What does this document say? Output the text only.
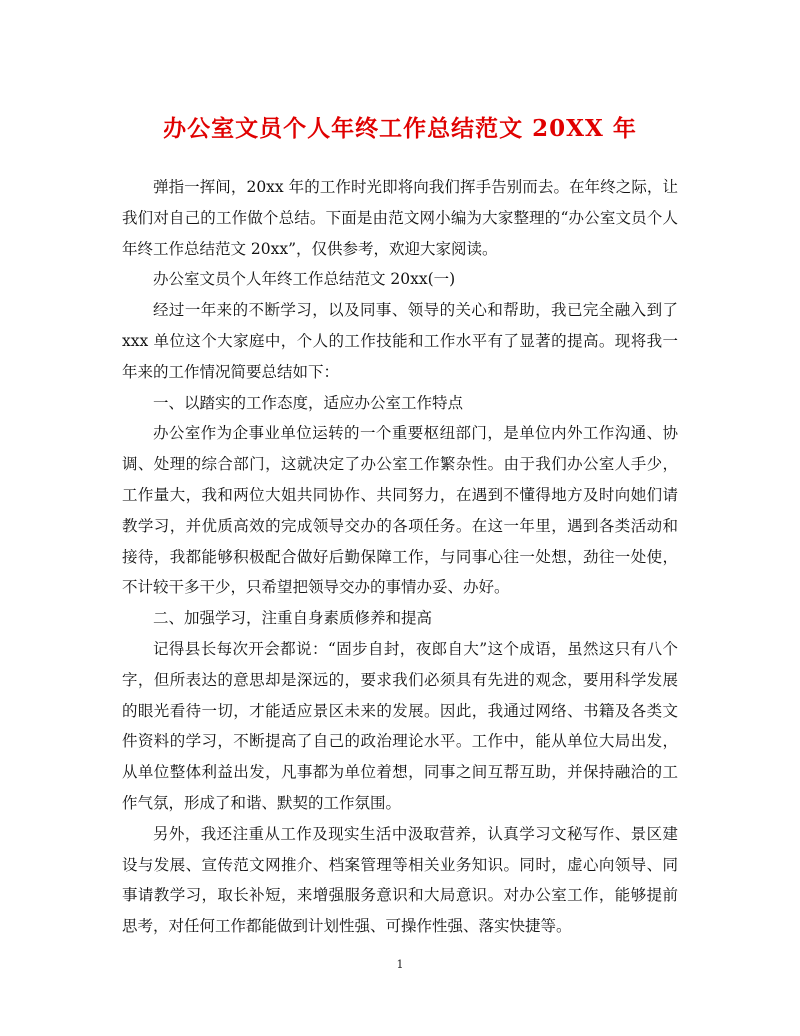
办公室文员个人年终工作总结范文 20XX 年

弹指一挥间，20xx 年的工作时光即将向我们挥手告别而去。在年终之际，让我们对自己的工作做个总结。下面是由范文网小编为大家整理的“办公室文员个人年终工作总结范文 20xx”，仅供参考，欢迎大家阅读。

办公室文员个人年终工作总结范文 20xx(一)

经过一年来的不断学习，以及同事、领导的关心和帮助，我已完全融入到了 xxx 单位这个大家庭中，个人的工作技能和工作水平有了显著的提高。现将我一年来的工作情况简要总结如下：

一、以踏实的工作态度，适应办公室工作特点

办公室作为企事业单位运转的一个重要枢纽部门，是单位内外工作沟通、协调、处理的综合部门，这就决定了办公室工作繁杂性。由于我们办公室人手少，工作量大，我和两位大姐共同协作、共同努力，在遇到不懂得地方及时向她们请教学习，并优质高效的完成领导交办的各项任务。在这一年里，遇到各类活动和接待，我都能够积极配合做好后勤保障工作，与同事心往一处想，劲往一处使，不计较干多干少，只希望把领导交办的事情办妥、办好。

二、加强学习，注重自身素质修养和提高

记得县长每次开会都说：“固步自封，夜郎自大”这个成语，虽然这只有八个字，但所表达的意思却是深远的，要求我们必须具有先进的观念，要用科学发展的眼光看待一切，才能适应景区未来的发展。因此，我通过网络、书籍及各类文件资料的学习，不断提高了自己的政治理论水平。工作中，能从单位大局出发，从单位整体利益出发，凡事都为单位着想，同事之间互帮互助，并保持融洽的工作气氛，形成了和谐、默契的工作氛围。

另外，我还注重从工作及现实生活中汲取营养，认真学习文秘写作、景区建设与发展、宣传范文网推介、档案管理等相关业务知识。同时，虚心向领导、同事请教学习，取长补短，来增强服务意识和大局意识。对办公室工作，能够提前思考，对任何工作都能做到计划性强、可操作性强、落实快捷等。

1
